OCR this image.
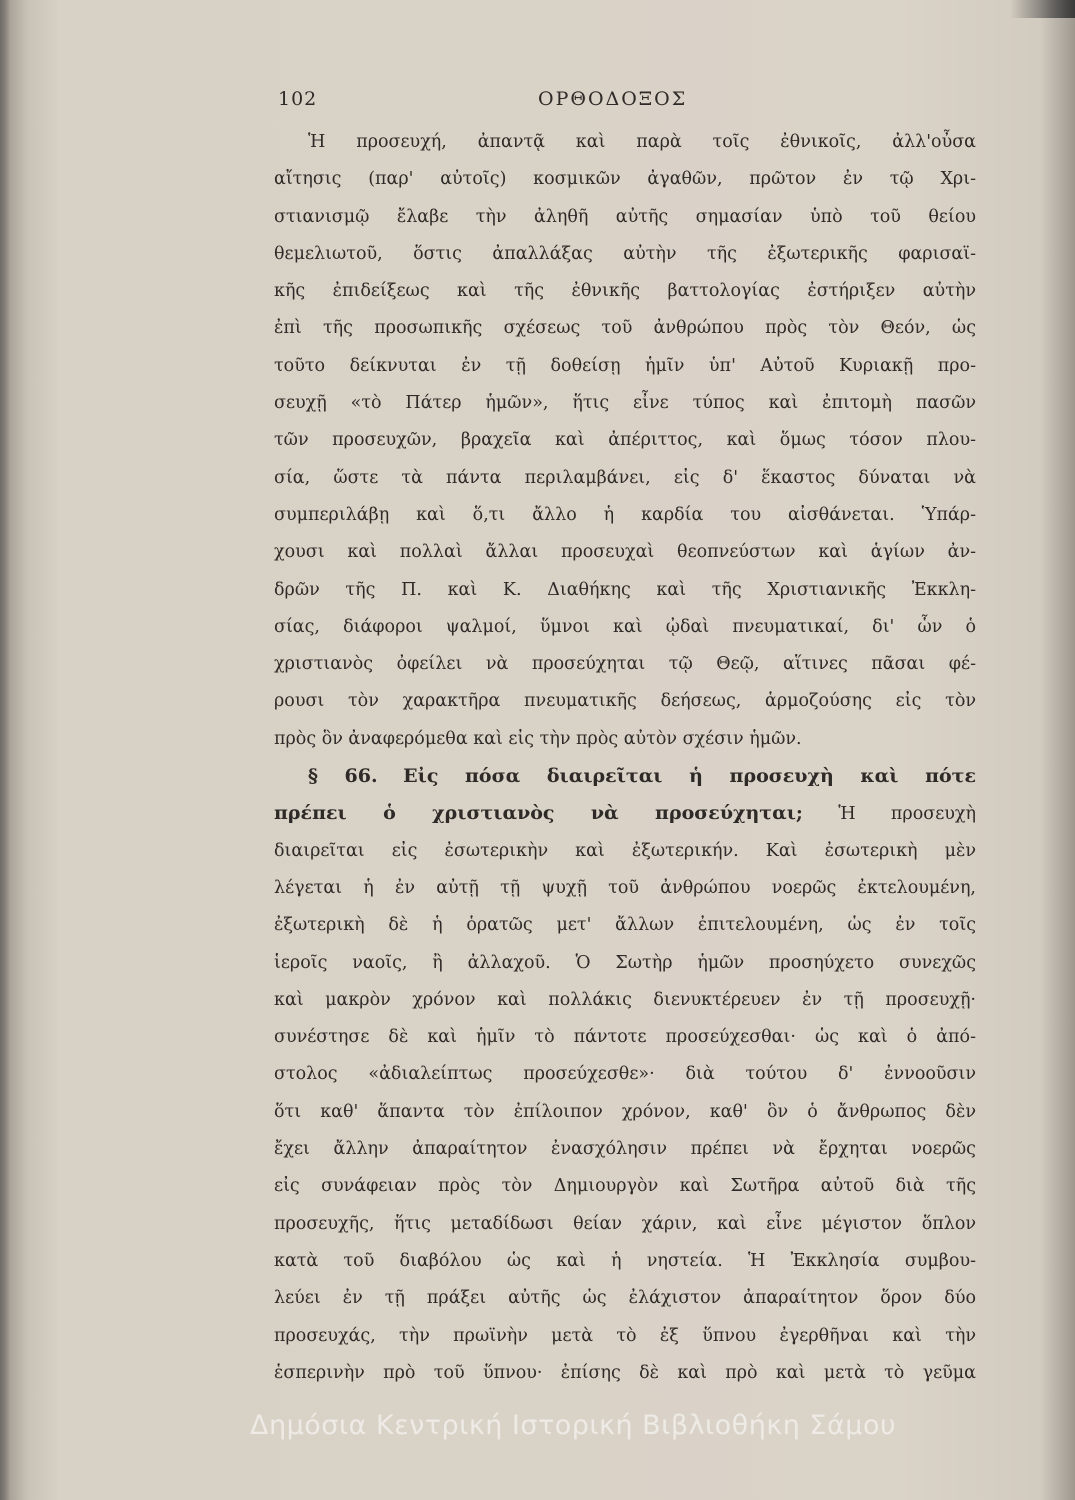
102	ΟΡΘΟΔΟΞΟΣ
Ἡ προσευχή, ἀπαντᾷ καὶ παρὰ τοῖς ἐθνικοῖς, ἀλλ'οὖσα
αἴτησις (παρ' αὐτοῖς) κοσμικῶν ἀγαθῶν, πρῶτον ἐν τῷ Χρι-
στιανισμῷ ἔλαβε τὴν ἀληθῆ αὐτῆς σημασίαν ὑπὸ τοῦ θείου
θεμελιωτοῦ, ὅστις ἀπαλλάξας αὐτὴν τῆς ἐξωτερικῆς φαρισαϊ-
κῆς ἐπιδείξεως καὶ τῆς ἐθνικῆς βαττολογίας ἐστήριξεν αὐτὴν
ἐπὶ τῆς προσωπικῆς σχέσεως τοῦ ἀνθρώπου πρὸς τὸν Θεόν, ὡς
τοῦτο δείκνυται ἐν τῇ δοθείσῃ ἡμῖν ὑπ' Αὐτοῦ Κυριακῇ προ-
σευχῇ «τὸ Πάτερ ἡμῶν», ἥτις εἶνε τύπος καὶ ἐπιτομὴ πασῶν
τῶν προσευχῶν, βραχεῖα καὶ ἀπέριττος, καὶ ὅμως τόσον πλου-
σία, ὥστε τὰ πάντα περιλαμβάνει, εἰς δ' ἕκαστος δύναται νὰ
συμπεριλάβῃ καὶ ὅ,τι ἄλλο ἡ καρδία του αἰσθάνεται. Ὑπάρ-
χουσι καὶ πολλαὶ ἄλλαι προσευχαὶ θεοπνεύστων καὶ ἁγίων ἀν-
δρῶν τῆς Π. καὶ Κ. Διαθήκης καὶ τῆς Χριστιανικῆς Ἐκκλη-
σίας, διάφοροι ψαλμοί, ὕμνοι καὶ ᾠδαὶ πνευματικαί, δι' ὧν ὁ
χριστιανὸς ὀφείλει νὰ προσεύχηται τῷ Θεῷ, αἵτινες πᾶσαι φέ-
ρουσι τὸν χαρακτῆρα πνευματικῆς δεήσεως, ἁρμοζούσης εἰς τὸν
πρὸς ὃν ἀναφερόμεθα καὶ εἰς τὴν πρὸς αὐτὸν σχέσιν ἡμῶν.
§ 66. Εἰς πόσα διαιρεῖται ἡ προσευχὴ καὶ πότε
πρέπει ὁ χριστιανὸς νὰ προσεύχηται; Ἡ προσευχὴ
διαιρεῖται εἰς ἐσωτερικὴν καὶ ἐξωτερικήν. Καὶ ἐσωτερικὴ μὲν
λέγεται ἡ ἐν αὐτῇ τῇ ψυχῇ τοῦ ἀνθρώπου νοερῶς ἐκτελουμένη,
ἐξωτερικὴ δὲ ἡ ὁρατῶς μετ' ἄλλων ἐπιτελουμένη, ὡς ἐν τοῖς
ἱεροῖς ναοῖς, ἢ ἀλλαχοῦ. Ὁ Σωτὴρ ἡμῶν προσηύχετο συνεχῶς
καὶ μακρὸν χρόνον καὶ πολλάκις διενυκτέρευεν ἐν τῇ προσευχῇ·
συνέστησε δὲ καὶ ἡμῖν τὸ πάντοτε προσεύχεσθαι· ὡς καὶ ὁ ἀπό-
στολος «ἀδιαλείπτως προσεύχεσθε»· διὰ τούτου δ' ἐννοοῦσιν
ὅτι καθ' ἅπαντα τὸν ἐπίλοιπον χρόνον, καθ' ὃν ὁ ἄνθρωπος δὲν
ἔχει ἄλλην ἀπαραίτητον ἐνασχόλησιν πρέπει νὰ ἔρχηται νοερῶς
εἰς συνάφειαν πρὸς τὸν Δημιουργὸν καὶ Σωτῆρα αὐτοῦ διὰ τῆς
προσευχῆς, ἥτις μεταδίδωσι θείαν χάριν, καὶ εἶνε μέγιστον ὅπλον
κατὰ τοῦ διαβόλου ὡς καὶ ἡ νηστεία. Ἡ Ἐκκλησία συμβου-
λεύει ἐν τῇ πράξει αὐτῆς ὡς ἐλάχιστον ἀπαραίτητον ὅρον δύο
προσευχάς, τὴν πρωϊνὴν μετὰ τὸ ἐξ ὕπνου ἐγερθῆναι καὶ τὴν
ἑσπερινὴν πρὸ τοῦ ὕπνου· ἐπίσης δὲ καὶ πρὸ καὶ μετὰ τὸ γεῦμα
Δημόσια Κεντρική Ιστορική Βιβλιοθήκη Σάμου
